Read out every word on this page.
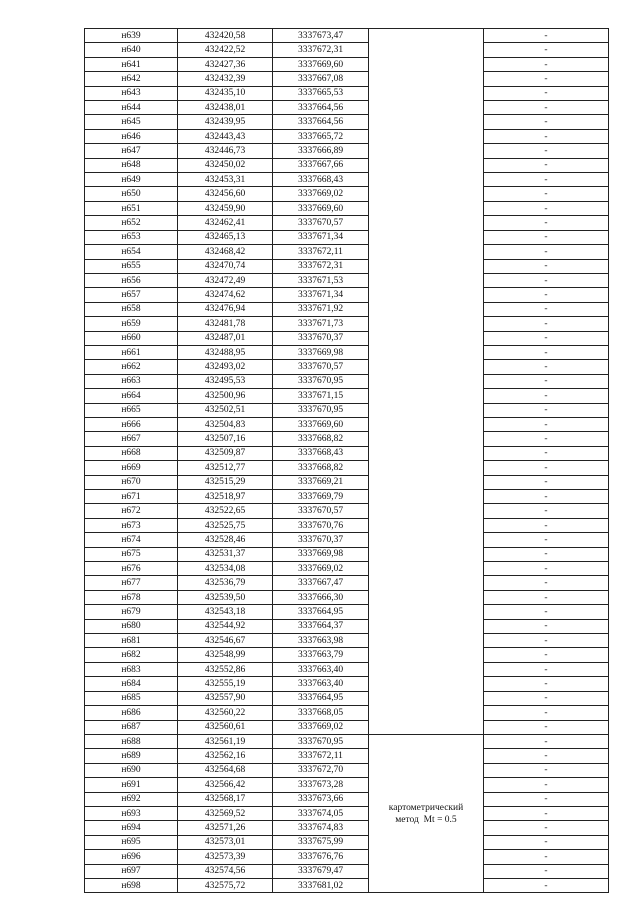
н639	432420,58	3337673,47		-
н640	432422,52	3337672,31		-
н641	432427,36	3337669,60		-
н642	432432,39	3337667,08		-
н643	432435,10	3337665,53		-
н644	432438,01	3337664,56		-
н645	432439,95	3337664,56		-
н646	432443,43	3337665,72		-
н647	432446,73	3337666,89		-
н648	432450,02	3337667,66		-
н649	432453,31	3337668,43		-
н650	432456,60	3337669,02		-
н651	432459,90	3337669,60		-
н652	432462,41	3337670,57		-
н653	432465,13	3337671,34		-
н654	432468,42	3337672,11		-
н655	432470,74	3337672,31		-
н656	432472,49	3337671,53		-
н657	432474,62	3337671,34		-
н658	432476,94	3337671,92		-
н659	432481,78	3337671,73		-
н660	432487,01	3337670,37		-
н661	432488,95	3337669,98		-
н662	432493,02	3337670,57		-
н663	432495,53	3337670,95		-
н664	432500,96	3337671,15		-
н665	432502,51	3337670,95		-
н666	432504,83	3337669,60		-
н667	432507,16	3337668,82		-
н668	432509,87	3337668,43		-
н669	432512,77	3337668,82		-
н670	432515,29	3337669,21		-
н671	432518,97	3337669,79		-
н672	432522,65	3337670,57		-
н673	432525,75	3337670,76		-
н674	432528,46	3337670,37		-
н675	432531,37	3337669,98		-
н676	432534,08	3337669,02		-
н677	432536,79	3337667,47		-
н678	432539,50	3337666,30		-
н679	432543,18	3337664,95		-
н680	432544,92	3337664,37		-
н681	432546,67	3337663,98		-
н682	432548,99	3337663,79		-
н683	432552,86	3337663,40		-
н684	432555,19	3337663,40		-
н685	432557,90	3337664,95		-
н686	432560,22	3337668,05		-
н687	432560,61	3337669,02		-
н688	432561,19	3337670,95	картометрический
метод  Mt = 0.5	-
н689	432562,16	3337672,11		-
н690	432564,68	3337672,70		-
н691	432566,42	3337673,28		-
н692	432568,17	3337673,66		-
н693	432569,52	3337674,05		-
н694	432571,26	3337674,83		-
н695	432573,01	3337675,99		-
н696	432573,39	3337676,76		-
н697	432574,56	3337679,47		-
н698	432575,72	3337681,02		-
